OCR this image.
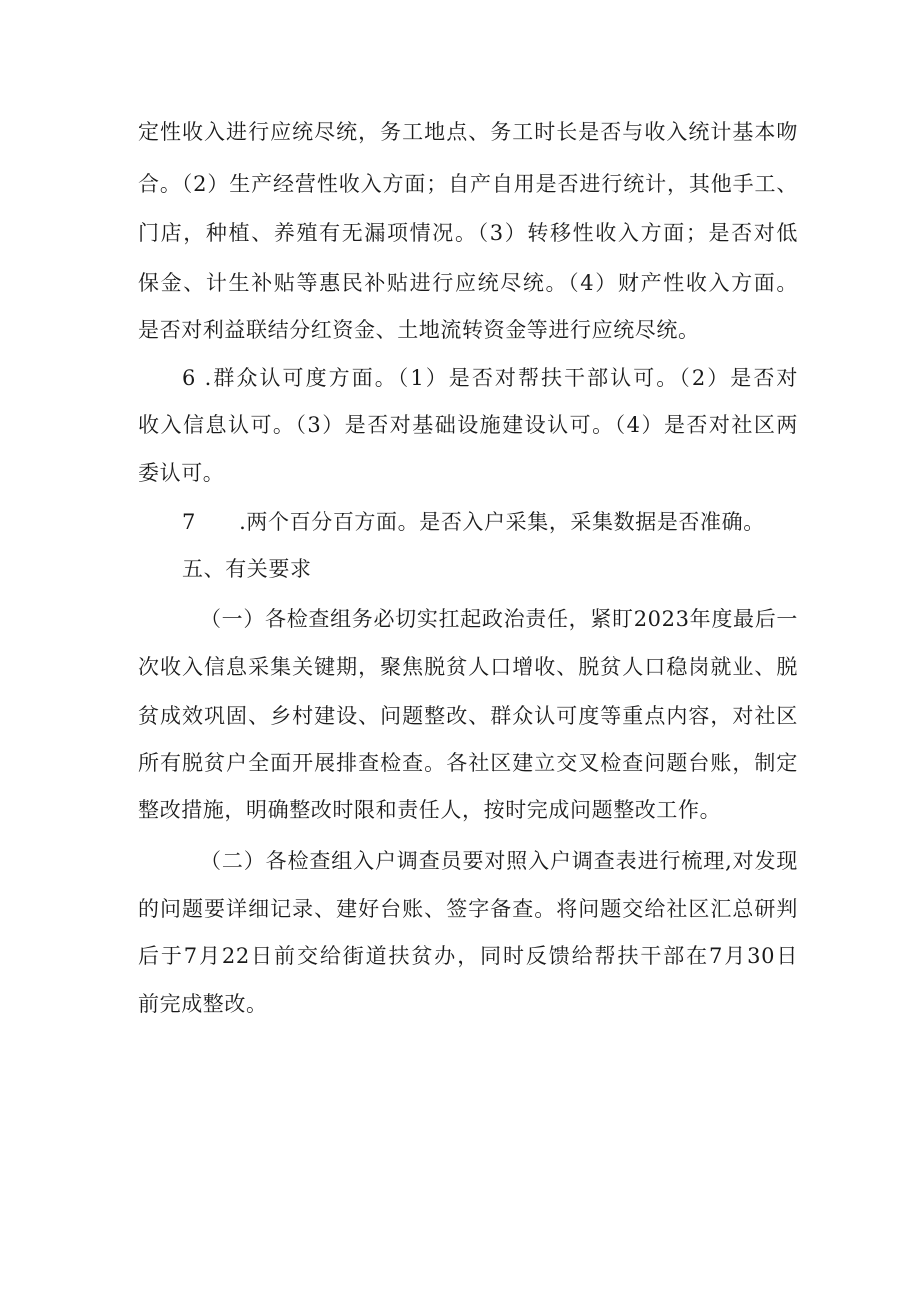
定性收入进行应统尽统，务工地点、务工时长是否与收入统计基本吻
合。（2）生产经营性收入方面；自产自用是否进行统计，其他手工、
门店，种植、养殖有无漏项情况。（3）转移性收入方面；是否对低
保金、计生补贴等惠民补贴进行应统尽统。（4）财产性收入方面。
是否对利益联结分红资金、土地流转资金等进行应统尽统。
6 .群众认可度方面。（1）是否对帮扶干部认可。（2）是否对
收入信息认可。（3）是否对基础设施建设认可。（4）是否对社区两
委认可。
7　　.两个百分百方面。是否入户采集，采集数据是否准确。
五、有关要求
（一）各检查组务必切实扛起政治责任，紧盯2023年度最后一
次收入信息采集关键期，聚焦脱贫人口增收、脱贫人口稳岗就业、脱
贫成效巩固、乡村建设、问题整改、群众认可度等重点内容，对社区
所有脱贫户全面开展排查检查。各社区建立交叉检查问题台账，制定
整改措施，明确整改时限和责任人，按时完成问题整改工作。
（二）各检查组入户调查员要对照入户调查表进行梳理,对发现
的问题要详细记录、建好台账、签字备查。将问题交给社区汇总研判
后于7月22日前交给街道扶贫办，同时反馈给帮扶干部在7月30日
前完成整改。
